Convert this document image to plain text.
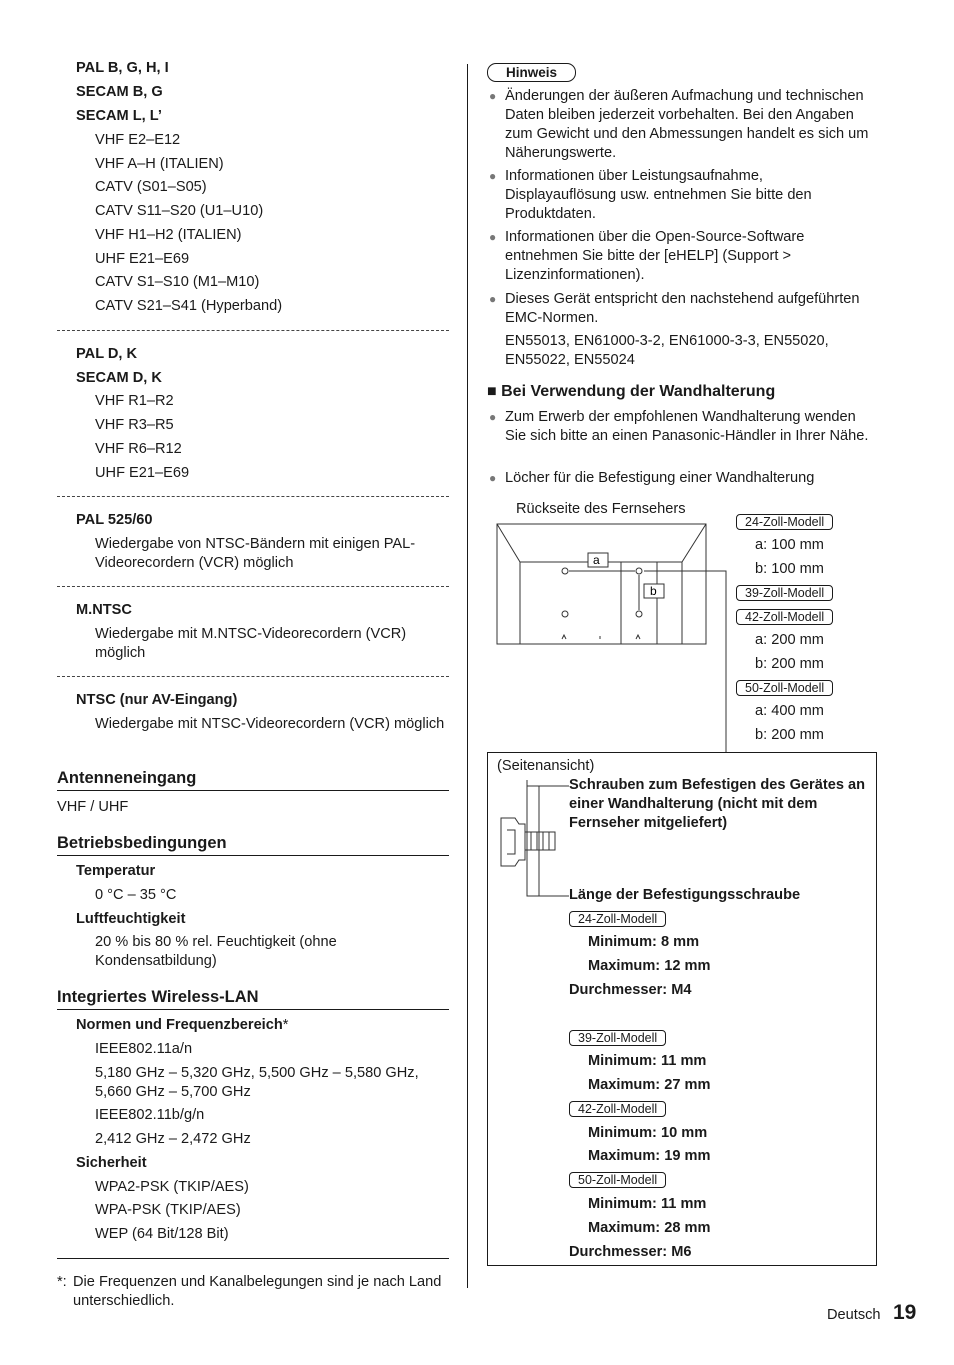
PAL B, G, H, I
SECAM B, G
SECAM L, L’
VHF E2–E12
VHF A–H (ITALIEN)
CATV (S01–S05)
CATV S11–S20 (U1–U10)
VHF H1–H2 (ITALIEN)
UHF E21–E69
CATV S1–S10 (M1–M10)
CATV S21–S41 (Hyperband)
PAL D, K
SECAM D, K
VHF R1–R2
VHF R3–R5
VHF R6–R12
UHF E21–E69
PAL 525/60
Wiedergabe von NTSC-Bändern mit einigen PAL-Videorecordern (VCR) möglich
M.NTSC
Wiedergabe mit M.NTSC-Videorecordern (VCR) möglich
NTSC (nur AV-Eingang)
Wiedergabe mit NTSC-Videorecordern (VCR) möglich
Antenneneingang
VHF / UHF
Betriebsbedingungen
Temperatur
0 °C – 35 °C
Luftfeuchtigkeit
20 % bis 80 % rel. Feuchtigkeit (ohne Kondensatbildung)
Integriertes Wireless-LAN
Normen und Frequenzbereich*
IEEE802.11a/n
5,180 GHz – 5,320 GHz, 5,500 GHz – 5,580 GHz, 5,660 GHz – 5,700 GHz
IEEE802.11b/g/n
2,412 GHz – 2,472 GHz
Sicherheit
WPA2-PSK (TKIP/AES)
WPA-PSK (TKIP/AES)
WEP (64 Bit/128 Bit)
*: Die Frequenzen und Kanalbelegungen sind je nach Land unterschiedlich.
Hinweis
● Änderungen der äußeren Aufmachung und technischen Daten bleiben jederzeit vorbehalten. Bei den Angaben zum Gewicht und den Abmessungen handelt es sich um Näherungswerte.
● Informationen über Leistungsaufnahme, Displayauflösung usw. entnehmen Sie bitte den Produktdaten.
● Informationen über die Open-Source-Software entnehmen Sie bitte der [eHELP] (Support > Lizenzinformationen).
● Dieses Gerät entspricht den nachstehend aufgeführten EMC-Normen.
EN55013, EN61000-3-2, EN61000-3-3, EN55020, EN55022, EN55024
■ Bei Verwendung der Wandhalterung
● Zum Erwerb der empfohlenen Wandhalterung wenden Sie sich bitte an einen Panasonic-Händler in Ihrer Nähe.
● Löcher für die Befestigung einer Wandhalterung
Rückseite des Fernsehers
a
b
24-Zoll-Modell
a: 100 mm
b: 100 mm
39-Zoll-Modell
42-Zoll-Modell
a: 200 mm
b: 200 mm
50-Zoll-Modell
a: 400 mm
b: 200 mm
(Seitenansicht)
Schrauben zum Befestigen des Gerätes an einer Wandhalterung (nicht mit dem Fernseher mitgeliefert)
Länge der Befestigungsschraube
24-Zoll-Modell
Minimum: 8 mm
Maximum: 12 mm
Durchmesser: M4
39-Zoll-Modell
Minimum: 11 mm
Maximum: 27 mm
42-Zoll-Modell
Minimum: 10 mm
Maximum: 19 mm
50-Zoll-Modell
Minimum: 11 mm
Maximum: 28 mm
Durchmesser: M6
Deutsch 19
